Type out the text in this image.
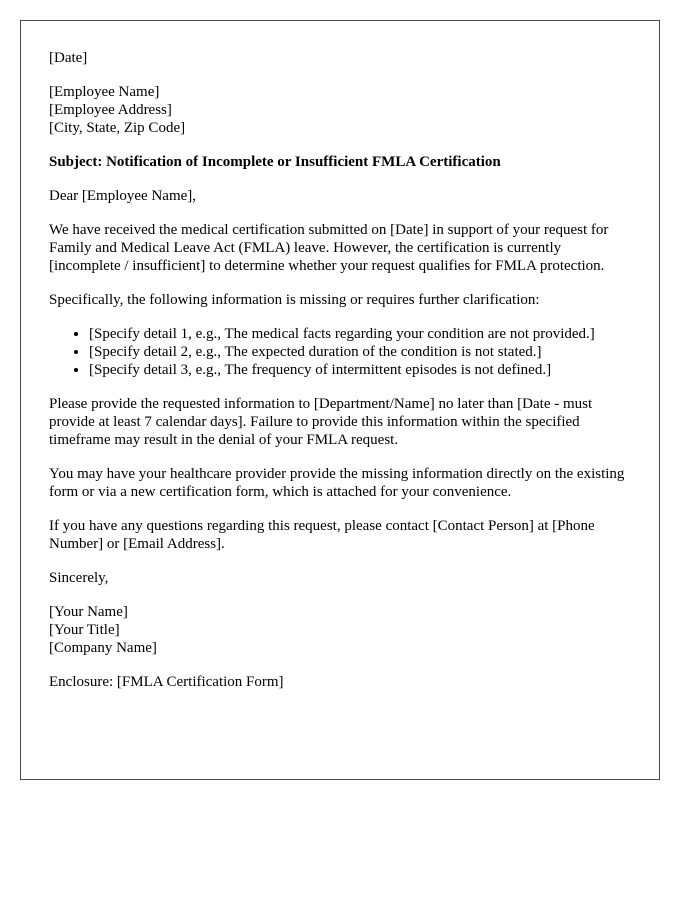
[Date]
[Employee Name]
[Employee Address]
[City, State, Zip Code]
Subject: Notification of Incomplete or Insufficient FMLA Certification
Dear [Employee Name],
We have received the medical certification submitted on [Date] in support of your request for Family and Medical Leave Act (FMLA) leave. However, the certification is currently [incomplete / insufficient] to determine whether your request qualifies for FMLA protection.
Specifically, the following information is missing or requires further clarification:
• [Specify detail 1, e.g., The medical facts regarding your condition are not provided.]
• [Specify detail 2, e.g., The expected duration of the condition is not stated.]
• [Specify detail 3, e.g., The frequency of intermittent episodes is not defined.]
Please provide the requested information to [Department/Name] no later than [Date - must provide at least 7 calendar days]. Failure to provide this information within the specified timeframe may result in the denial of your FMLA request.
You may have your healthcare provider provide the missing information directly on the existing form or via a new certification form, which is attached for your convenience.
If you have any questions regarding this request, please contact [Contact Person] at [Phone Number] or [Email Address].
Sincerely,
[Your Name]
[Your Title]
[Company Name]
Enclosure: [FMLA Certification Form]
